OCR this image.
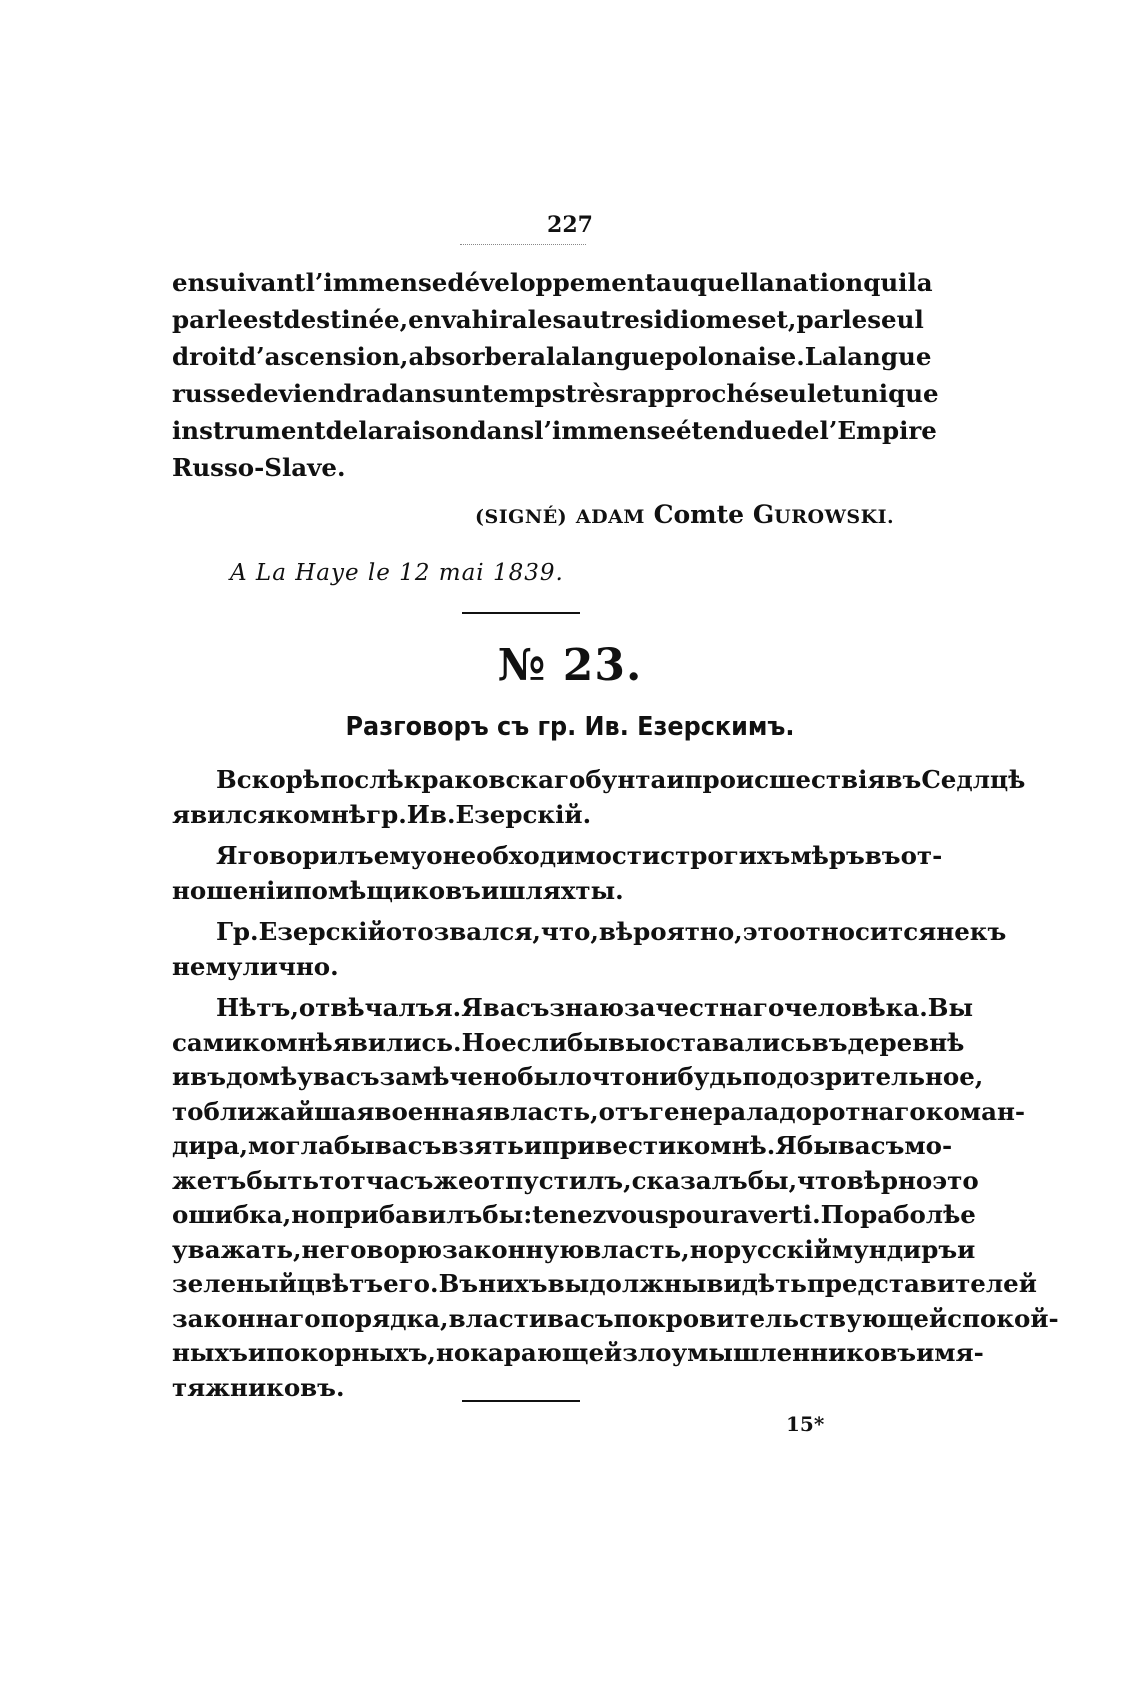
227
en suivant l’immense développement auquel la nation qui la
parle est destinée, envahira les autres idiomes et, par le seul
droit d’ascension, absorbera la langue polonaise. La langue
russe deviendra dans un temps très rapproché seul et unique
instrument de la raison dans l’immense étendue de l’Empire
Russo-Slave.
(SIGNÉ) ADAM Comte GUROWSKI.
A La Haye le 12 mai 1839.
№ 23.
Разговоръ съ гр. Ив. Езерскимъ.
Вскорѣ послѣ краковскаго бунта и происшествія въ Седлцѣ
явился ко мнѣ гр. Ив. Езерскій.
Я говорилъ ему о необходимости строгихъ мѣръ въ от-
ношеніи помѣщиковъ и шляхты.
Гр. Езерскій отозвался, что, вѣроятно, это относится не къ
нему лично.
Нѣтъ, отвѣчалъ я. Я васъ знаю за честнаго человѣка. Вы
сами ко мнѣ явились. Но если бы вы оставались въ деревнѣ
и въ домѣ у васъ замѣчено было что нибудь подозрительное,
то ближайшая военная власть, отъ генерала до ротнаго коман-
дира, могла бы васъ взять и привести ко мнѣ. Я бы васъ мо-
жетъ быть тотчасъ же отпустилъ, сказалъ бы, что вѣрно это
ошибка, но прибавилъ бы: tenez vous pour averti. Пора болѣе
уважать, не говорю законную власть, но русскій мундиръ и
зеленый цвѣтъ его. Въ нихъ вы должны видѣть представителей
законнаго порядка, власти васъ покровительствующей спокой-
ныхъ и покорныхъ, но карающей злоумышленниковъ и мя-
тяжниковъ.
15*
